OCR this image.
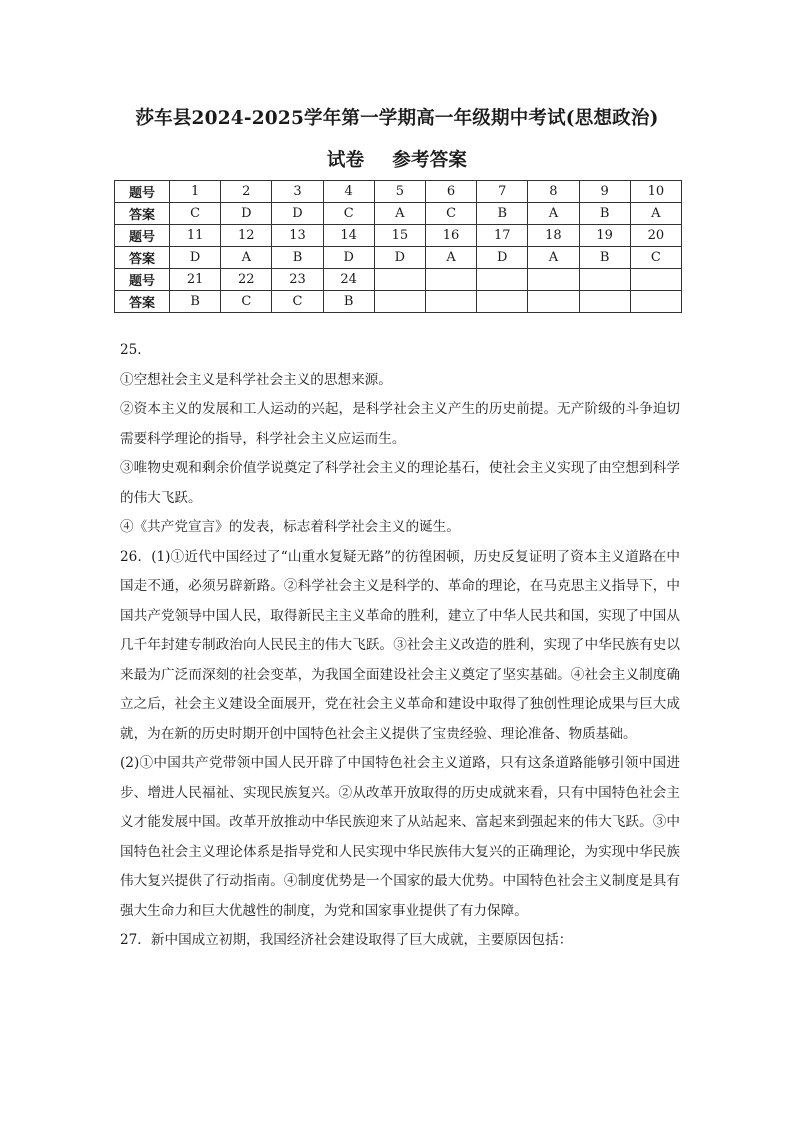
莎车县2024-2025学年第一学期高一年级期中考试(思想政治)
试卷 参考答案
题号	1	2	3	4	5	6	7	8	9	10
答案	C	D	D	C	A	C	B	A	B	A
题号	11	12	13	14	15	16	17	18	19	20
答案	D	A	B	D	D	A	D	A	B	C
题号	21	22	23	24						
答案	B	C	C	B						

25.

①空想社会主义是科学社会主义的思想来源。

②资本主义的发展和工人运动的兴起，是科学社会主义产生的历史前提。无产阶级的斗争迫切需要科学理论的指导，科学社会主义应运而生。

③唯物史观和剩余价值学说奠定了科学社会主义的理论基石，使社会主义实现了由空想到科学的伟大飞跃。

④《共产党宣言》的发表，标志着科学社会主义的诞生。

26．(1)①近代中国经过了“山重水复疑无路”的彷徨困顿，历史反复证明了资本主义道路在中国走不通，必须另辟新路。②科学社会主义是科学的、革命的理论，在马克思主义指导下，中国共产党领导中国人民，取得新民主主义革命的胜利，建立了中华人民共和国，实现了中国从几千年封建专制政治向人民民主的伟大飞跃。③社会主义改造的胜利，实现了中华民族有史以来最为广泛而深刻的社会变革，为我国全面建设社会主义奠定了坚实基础。④社会主义制度确立之后，社会主义建设全面展开，党在社会主义革命和建设中取得了独创性理论成果与巨大成就，为在新的历史时期开创中国特色社会主义提供了宝贵经验、理论准备、物质基础。

(2)①中国共产党带领中国人民开辟了中国特色社会主义道路，只有这条道路能够引领中国进步、增进人民福祉、实现民族复兴。②从改革开放取得的历史成就来看，只有中国特色社会主义才能发展中国。改革开放推动中华民族迎来了从站起来、富起来到强起来的伟大飞跃。③中国特色社会主义理论体系是指导党和人民实现中华民族伟大复兴的正确理论，为实现中华民族伟大复兴提供了行动指南。④制度优势是一个国家的最大优势。中国特色社会主义制度是具有强大生命力和巨大优越性的制度，为党和国家事业提供了有力保障。

27．新中国成立初期，我国经济社会建设取得了巨大成就，主要原因包括：
